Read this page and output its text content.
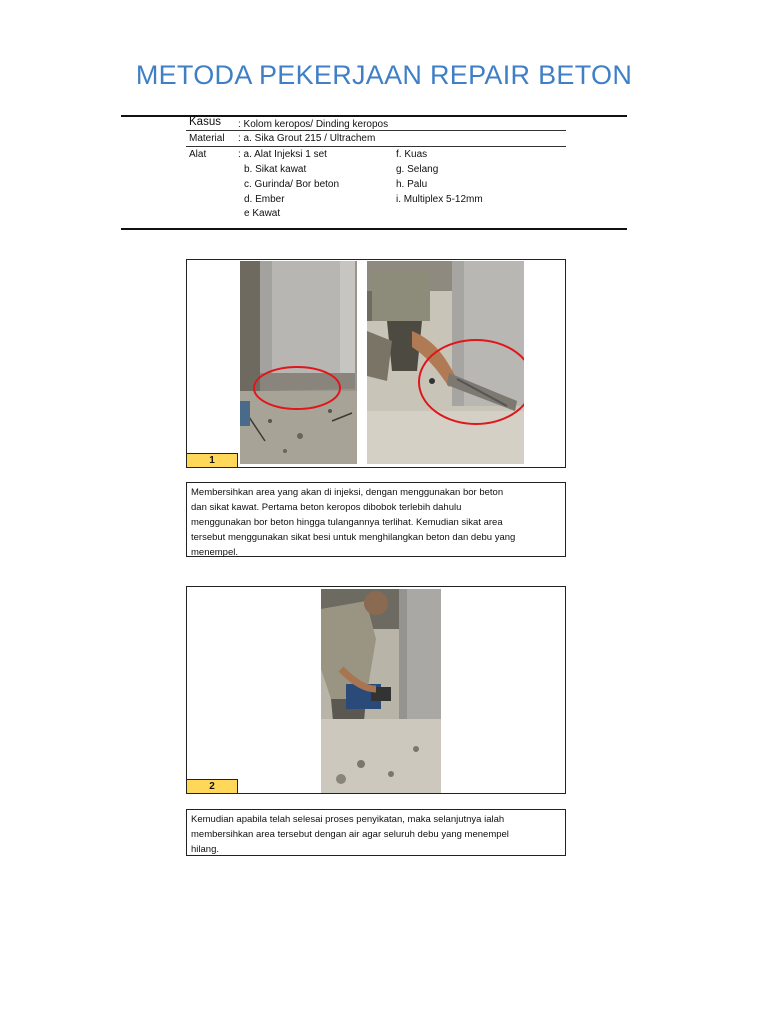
METODA PEKERJAAN REPAIR BETON
Kasus : Kolom keropos/ Dinding keropos
Material : a. Sika Grout 215 / Ultrachem
Alat	: a. Alat Injeksi 1 set	f. Kuas
b. Sikat kawat	g. Selang
c. Gurinda/ Bor beton	h. Palu
d. Ember	i. Multiplex 5-12mm
e Kawat
1
Membersihkan area yang akan di injeksi, dengan menggunakan bor beton
dan sikat kawat. Pertama beton keropos dibobok terlebih dahulu
menggunakan bor beton hingga tulangannya terlihat. Kemudian sikat area
tersebut menggunakan sikat besi untuk menghilangkan beton dan debu yang
menempel.
2
Kemudian apabila telah selesai proses penyikatan, maka selanjutnya ialah
membersihkan area tersebut dengan air agar seluruh debu yang menempel
hilang.
